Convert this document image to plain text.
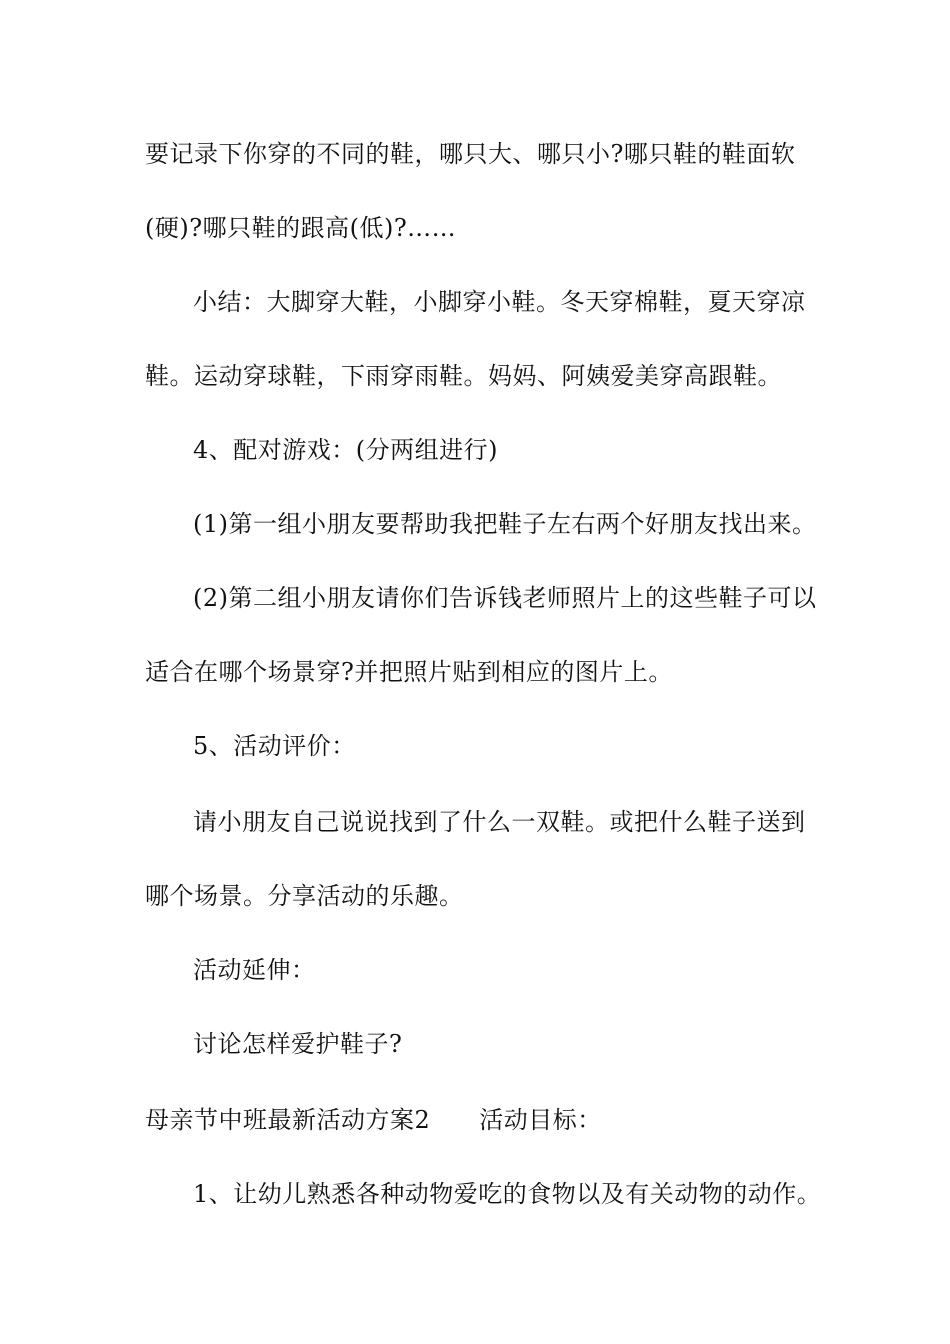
要记录下你穿的不同的鞋，哪只大、哪只小?哪只鞋的鞋面软
(硬)?哪只鞋的跟高(低)?……
小结：大脚穿大鞋，小脚穿小鞋。冬天穿棉鞋，夏天穿凉
鞋。运动穿球鞋，下雨穿雨鞋。妈妈、阿姨爱美穿高跟鞋。
4、配对游戏：(分两组进行)
(1)第一组小朋友要帮助我把鞋子左右两个好朋友找出来。
(2)第二组小朋友请你们告诉钱老师照片上的这些鞋子可以
适合在哪个场景穿?并把照片贴到相应的图片上。
5、活动评价：
请小朋友自己说说找到了什么一双鞋。或把什么鞋子送到
哪个场景。分享活动的乐趣。
活动延伸：
讨论怎样爱护鞋子?
母亲节中班最新活动方案2　　活动目标：
1、让幼儿熟悉各种动物爱吃的食物以及有关动物的动作。
